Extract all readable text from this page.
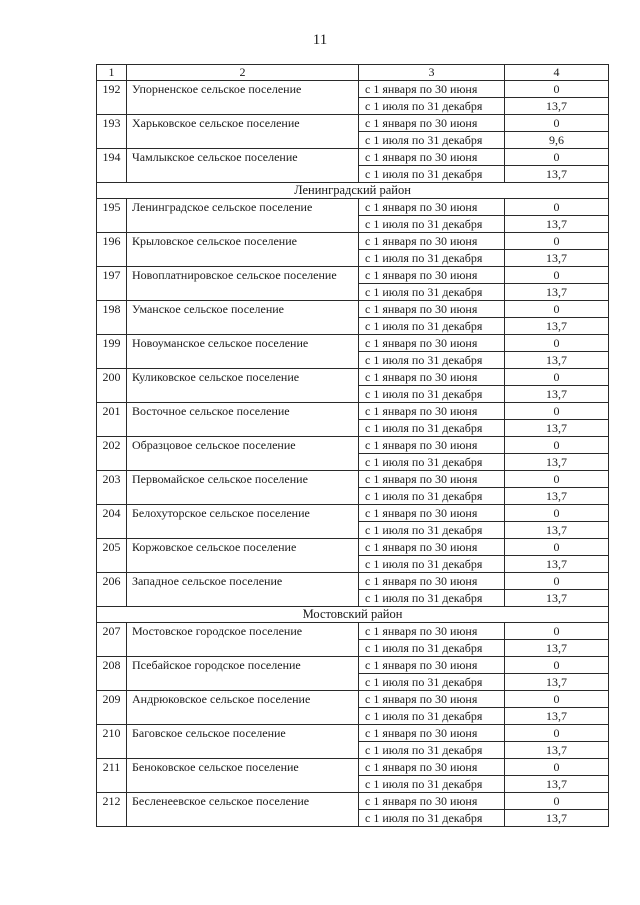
11
1	2	3	4
192	Упорненское сельское поселение	с 1 января по 30 июня	0
		с 1 июля по 31 декабря	13,7
193	Харьковское сельское поселение	с 1 января по 30 июня	0
		с 1 июля по 31 декабря	9,6
194	Чамлыкское сельское поселение	с 1 января по 30 июня	0
		с 1 июля по 31 декабря	13,7
Ленинградский район			
195	Ленинградское сельское поселение	с 1 января по 30 июня	0
		с 1 июля по 31 декабря	13,7
196	Крыловское сельское поселение	с 1 января по 30 июня	0
		с 1 июля по 31 декабря	13,7
197	Новоплатнировское сельское поселение	с 1 января по 30 июня	0
		с 1 июля по 31 декабря	13,7
198	Уманское сельское поселение	с 1 января по 30 июня	0
		с 1 июля по 31 декабря	13,7
199	Новоуманское сельское поселение	с 1 января по 30 июня	0
		с 1 июля по 31 декабря	13,7
200	Куликовское сельское поселение	с 1 января по 30 июня	0
		с 1 июля по 31 декабря	13,7
201	Восточное сельское поселение	с 1 января по 30 июня	0
		с 1 июля по 31 декабря	13,7
202	Образцовое сельское поселение	с 1 января по 30 июня	0
		с 1 июля по 31 декабря	13,7
203	Первомайское сельское поселение	с 1 января по 30 июня	0
		с 1 июля по 31 декабря	13,7
204	Белохуторское сельское поселение	с 1 января по 30 июня	0
		с 1 июля по 31 декабря	13,7
205	Коржовское сельское поселение	с 1 января по 30 июня	0
		с 1 июля по 31 декабря	13,7
206	Западное сельское поселение	с 1 января по 30 июня	0
		с 1 июля по 31 декабря	13,7
Мостовский район			
207	Мостовское городское поселение	с 1 января по 30 июня	0
		с 1 июля по 31 декабря	13,7
208	Псебайское городское поселение	с 1 января по 30 июня	0
		с 1 июля по 31 декабря	13,7
209	Андрюковское сельское поселение	с 1 января по 30 июня	0
		с 1 июля по 31 декабря	13,7
210	Баговское сельское поселение	с 1 января по 30 июня	0
		с 1 июля по 31 декабря	13,7
211	Беноковское сельское поселение	с 1 января по 30 июня	0
		с 1 июля по 31 декабря	13,7
212	Бесленеевское сельское поселение	с 1 января по 30 июня	0
		с 1 июля по 31 декабря	13,7
